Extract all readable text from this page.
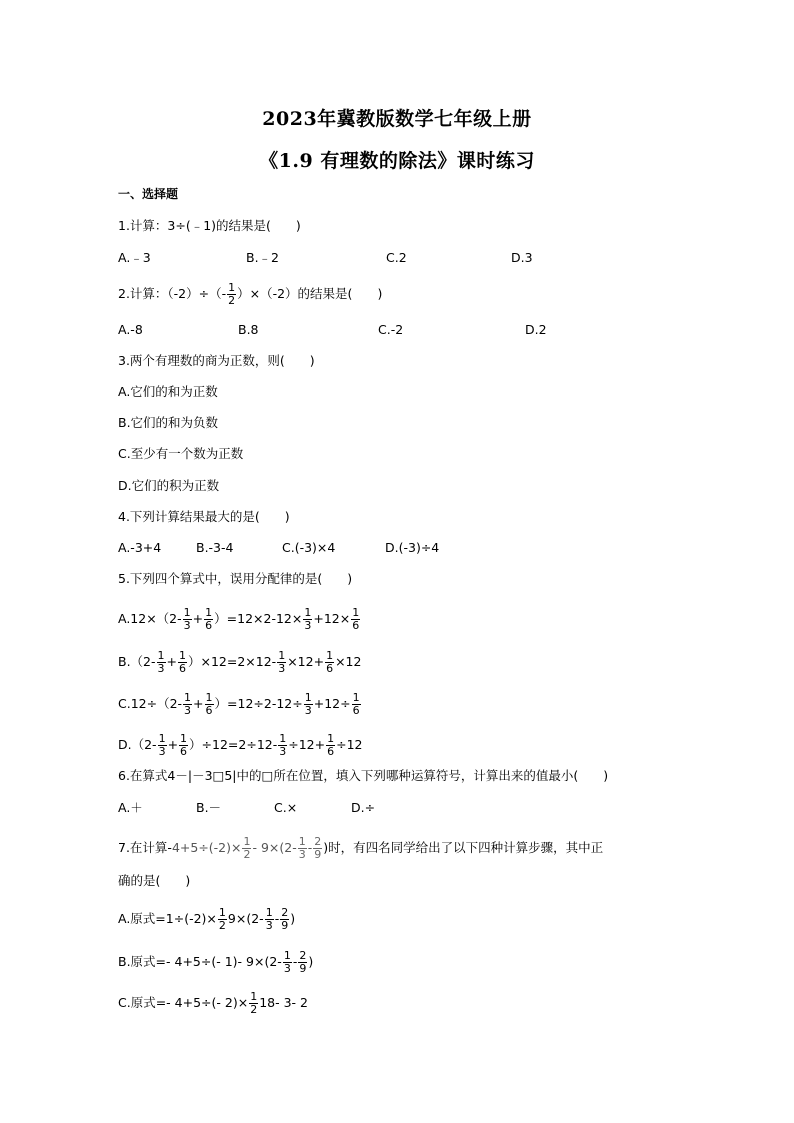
2023年冀教版数学七年级上册
《1.9 有理数的除法》课时练习
一、选择题
1.计算：3÷(﹣1)的结果是(　　)
A.﹣3	B.﹣2	C.2	D.3
2.计算：$(-2)\div(- \frac{1}{2} )\times(-2)$的结果是(　　)
A.-8	B.8	C.-2	D.2
3.两个有理数的商为正数，则(　　)
A.它们的和为正数
B.它们的和为负数
C.至少有一个数为正数
D.它们的积为正数
4.下列计算结果最大的是(　　)
A.-3+4	B.-3-4	C.(-3)×4	D.(-3)÷4
5.下列四个算式中，误用分配律的是(　　)
$A.12\times(2- \frac{1}{3} + \frac{1}{6} )=12\times 2-12\times \frac{1}{3} +12\times \frac{1}{6}$
$B.(2- \frac{1}{3} + \frac{1}{6} )\times 12=2\times 12- \frac{1}{3} \times 12+ \frac{1}{6} \times 12$
$C.12\div(2- \frac{1}{3} + \frac{1}{6} )=12\div 2-12\div \frac{1}{3} +12\div \frac{1}{6}$
$D.(2- \frac{1}{3} + \frac{1}{6} )\div 12=2\div 12- \frac{1}{3} \div 12+ \frac{1}{6} \div 12$
6.在算式4－|－3□5|中的□所在位置，填入下列哪种运算符号，计算出来的值最小(　　)
A.＋	B.－	C.×	D.÷
7.在计算$-4+5\div(-2)\times \frac{1}{2} - 9\times(2- \frac{1}{3} - \frac{2}{9}$ )时，有四名同学给出了以下四种计算步骤，其中正
确的是(　　)
A.原式$=1\div(-2)\times \frac{1}{2} 9\times(2- \frac{1}{3} - \frac{2}{9}$ )
B.原式=- 4+5÷(- 1)- $9\times(2- \frac{1}{3} - \frac{2}{9}$ )
C.原式=- 4+5÷(- $2)\times \frac{1}{2} 18-$ 3- 2
